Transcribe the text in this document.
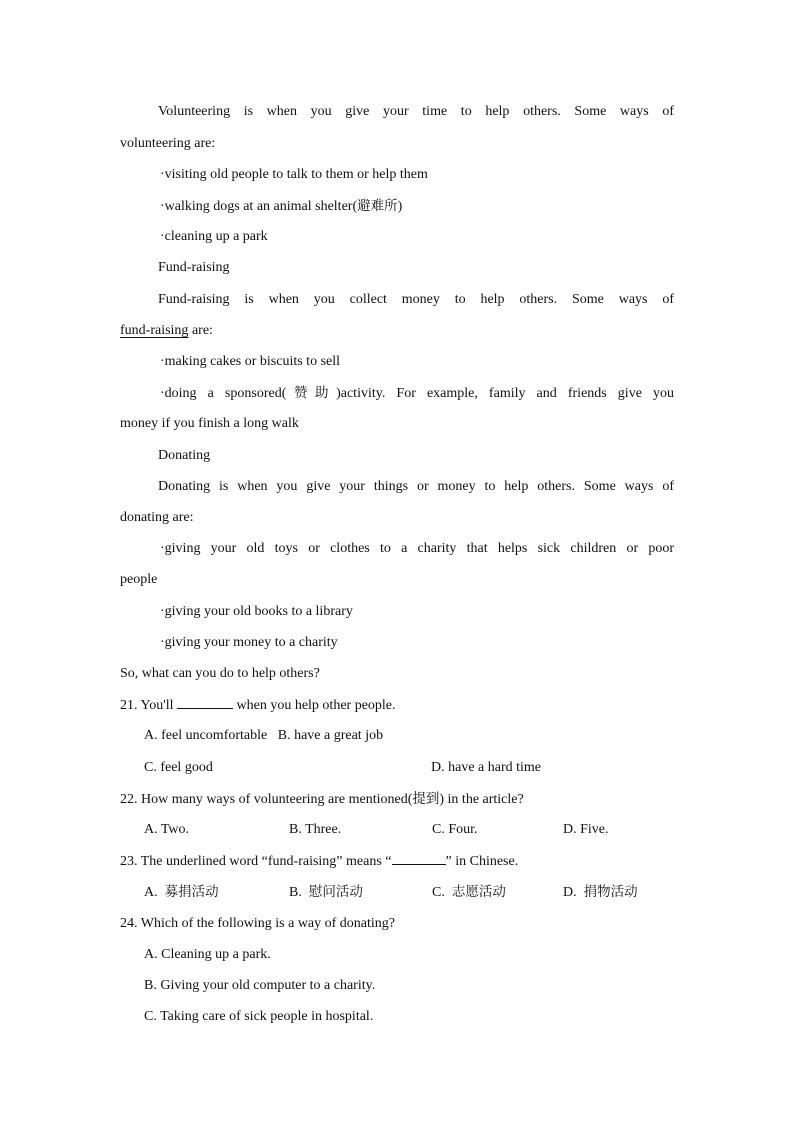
Volunteering is when you give your time to help others. Some ways of
volunteering are:
·visiting old people to talk to them or help them
·walking dogs at an animal shelter(避难所)
·cleaning up a park
Fund-raising
Fund-raising is when you collect money to help others. Some ways of
fund-raising are:
·making cakes or biscuits to sell
·doing a sponsored(赞助)activity. For example, family and friends give you
money if you finish a long walk
Donating
Donating is when you give your things or money to help others. Some ways of
donating are:
·giving your old toys or clothes to a charity that helps sick children or poor
people
·giving your old books to a library
·giving your money to a charity
So, what can you do to help others?
21. You'll	when you help other people.
A. feel uncomfortable B. have a great job
C. feel good	D. have a hard time
22. How many ways of volunteering are mentioned(提到) in the article?
A. Two.	B. Three.	C. Four.	D. Five.
23. The underlined word “fund-raising” means “	” in Chinese.
A. 募捐活动	B. 慰问活动	C. 志愿活动	D. 捐物活动
24. Which of the following is a way of donating?
A. Cleaning up a park.
B. Giving your old computer to a charity.
C. Taking care of sick people in hospital.
